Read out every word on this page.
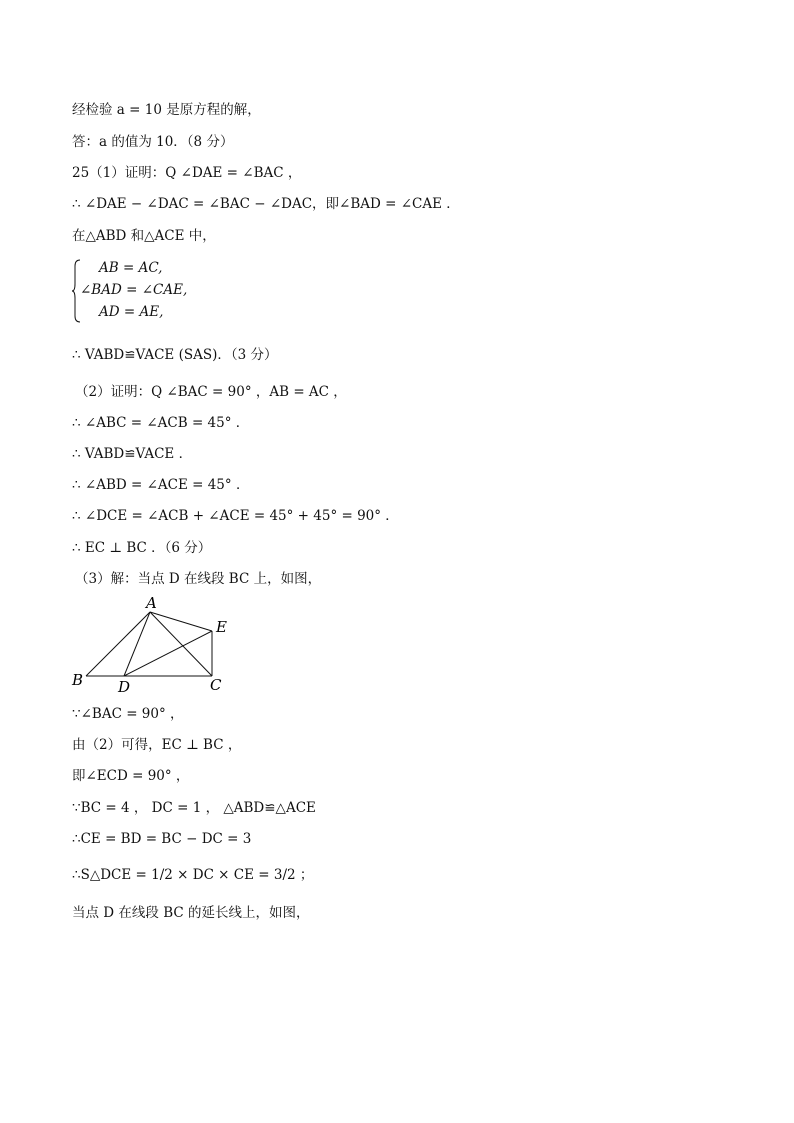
经检验 a = 10 是原方程的解，
答：a 的值为 10．（8 分）
25（1）证明：Q ∠DAE = ∠BAC ，
∴ ∠DAE − ∠DAC = ∠BAC − ∠DAC，即∠BAD = ∠CAE ．
在△ABD 和△ACE 中，
AB = AC,
∠BAD = ∠CAE,
AD = AE,
∴ VABD≌VACE (SAS)．（3 分）
（2）证明：Q ∠BAC = 90° ，AB = AC ，
∴ ∠ABC = ∠ACB = 45° ．
∴ VABD≌VACE ．
∴ ∠ABD = ∠ACE = 45° ．
∴ ∠DCE = ∠ACB + ∠ACE = 45° + 45° = 90° ．
∴ EC ⊥ BC ．（6 分）
（3）解：当点 D 在线段 BC 上，如图，
A
B D	C
E
∵∠BAC = 90° ，
由（2）可得，EC ⊥ BC ，
即∠ECD = 90° ，
∵BC = 4 ， DC = 1 ， △ABD≌△ACE
∴CE = BD = BC − DC = 3
∴S△DCE = 1/2 × DC × CE = 3/2 ；
当点 D 在线段 BC 的延长线上，如图，
